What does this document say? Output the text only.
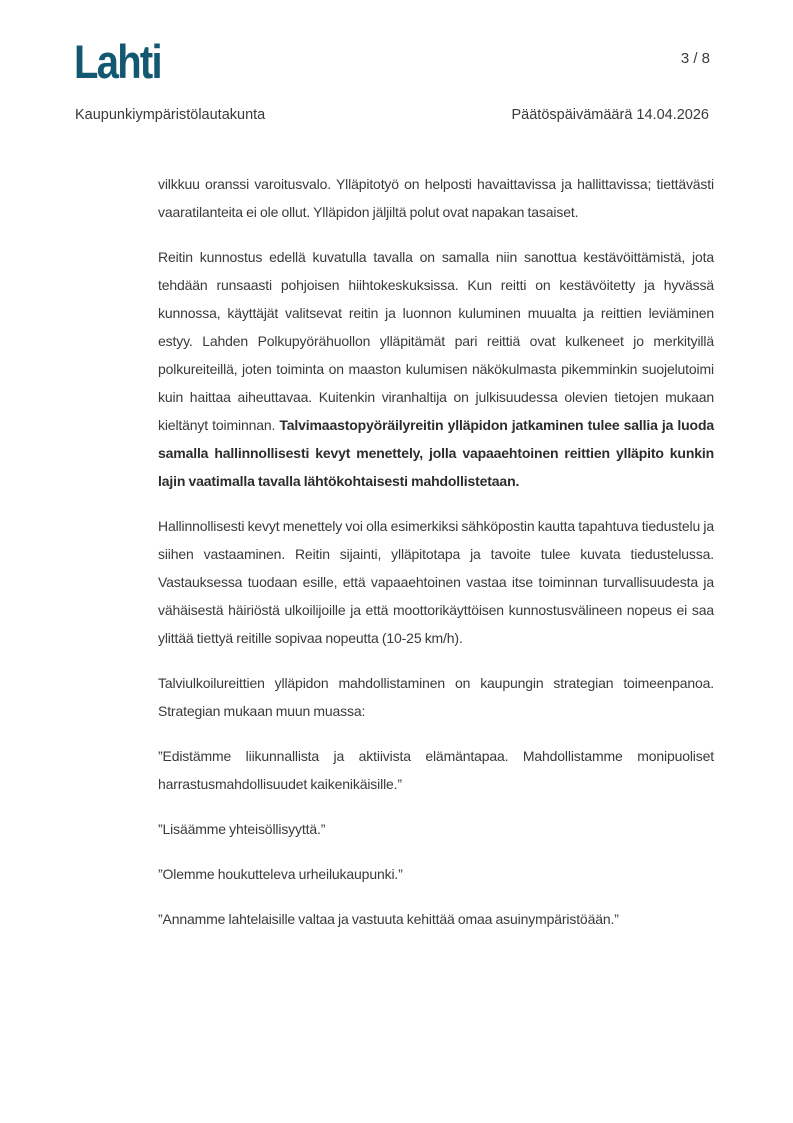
Lahti	3 / 8
Kaupunkiympäristölautakunta	Päätöspäivämäärä 14.04.2026

vilkkuu oranssi varoitusvalo. Ylläpitotyö on helposti havaittavissa ja hallittavissa; tiettävästi vaaratilanteita ei ole ollut. Ylläpidon jäljiltä polut ovat napakan tasaiset.

Reitin kunnostus edellä kuvatulla tavalla on samalla niin sanottua kestävöittämistä, jota tehdään runsaasti pohjoisen hiihtokeskuksissa. Kun reitti on kestävöitetty ja hyvässä kunnossa, käyttäjät valitsevat reitin ja luonnon kuluminen muualta ja reittien leviäminen estyy. Lahden Polkupyörähuollon ylläpitämät pari reittiä ovat kulkeneet jo merkityillä polkureiteillä, joten toiminta on maaston kulumisen näkökulmasta pikemminkin suojelutoimi kuin haittaa aiheuttavaa. Kuitenkin viranhaltija on julkisuudessa olevien tietojen mukaan kieltänyt toiminnan. Talvimaastopyöräilyreitin ylläpidon jatkaminen tulee sallia ja luoda samalla hallinnollisesti kevyt menettely, jolla vapaaehtoinen reittien ylläpito kunkin lajin vaatimalla tavalla lähtökohtaisesti mahdollistetaan.

Hallinnollisesti kevyt menettely voi olla esimerkiksi sähköpostin kautta tapahtuva tiedustelu ja siihen vastaaminen. Reitin sijainti, ylläpitotapa ja tavoite tulee kuvata tiedustelussa. Vastauksessa tuodaan esille, että vapaaehtoinen vastaa itse toiminnan turvallisuudesta ja vähäisestä häiriöstä ulkoilijoille ja että moottorikäyttöisen kunnostusvälineen nopeus ei saa ylittää tiettyä reitille sopivaa nopeutta (10-25 km/h).

Talviulkoilureittien ylläpidon mahdollistaminen on kaupungin strategian toimeenpanoa. Strategian mukaan muun muassa:

”Edistämme liikunnallista ja aktiivista elämäntapaa. Mahdollistamme monipuoliset harrastusmahdollisuudet kaikenikäisille.”

”Lisäämme yhteisöllisyyttä.”

”Olemme houkutteleva urheilukaupunki.”

”Annamme lahtelaisille valtaa ja vastuuta kehittää omaa asuinympäristöään.”
